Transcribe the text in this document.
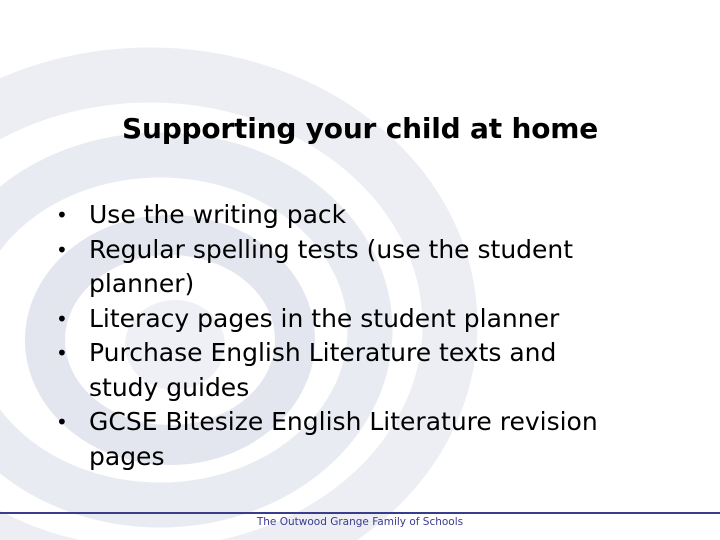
Supporting your child at home
• Use the writing pack
• Regular spelling tests (use the student
planner)
• Literacy pages in the student planner
• Purchase English Literature texts and
study guides
• GCSE Bitesize English Literature revision
pages
The Outwood Grange Family of Schools
